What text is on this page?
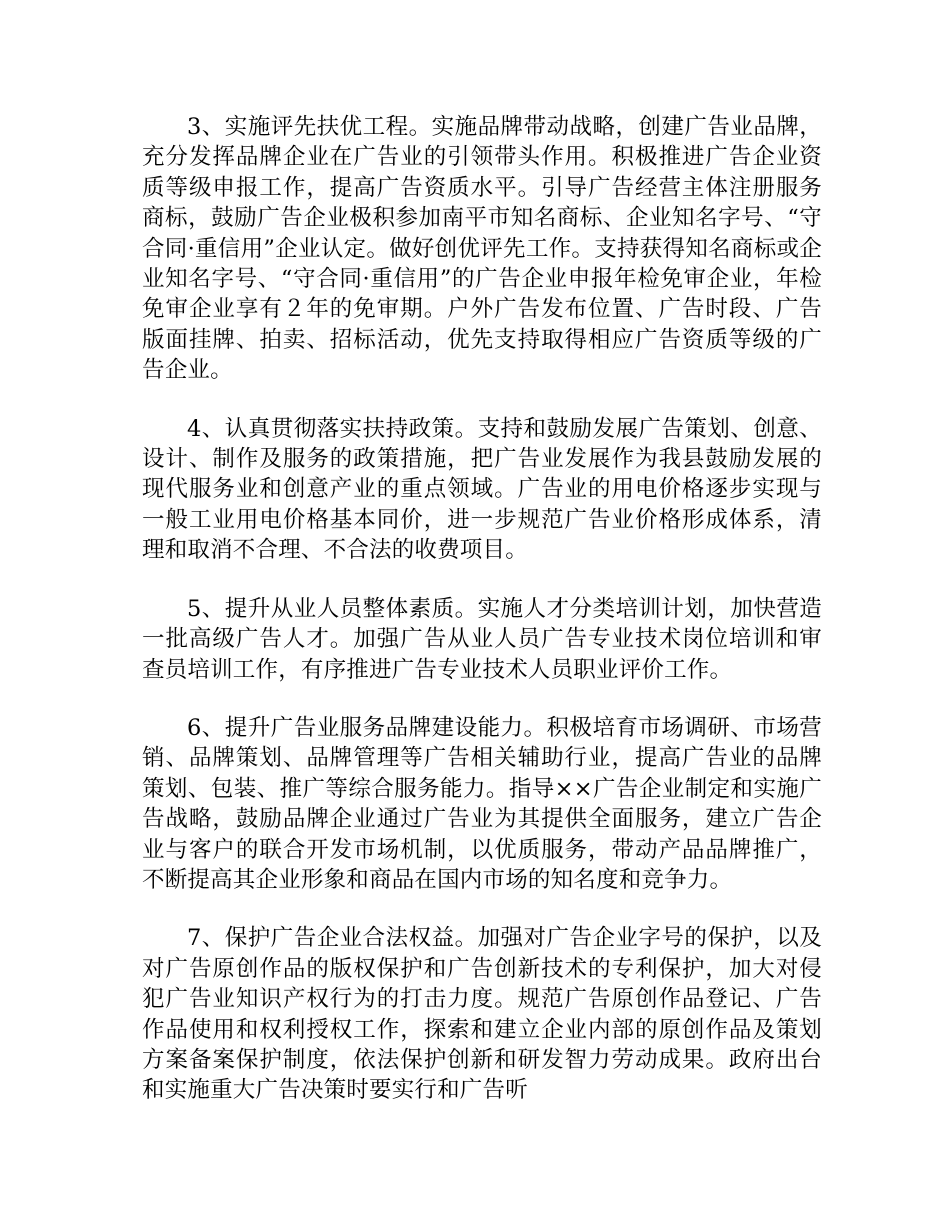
3、实施评先扶优工程。实施品牌带动战略，创建广告业品牌，充分发挥品牌企业在广告业的引领带头作用。积极推进广告企业资质等级申报工作，提高广告资质水平。引导广告经营主体注册服务商标，鼓励广告企业极积参加南平市知名商标、企业知名字号、“守合同·重信用”企业认定。做好创优评先工作。支持获得知名商标或企业知名字号、“守合同·重信用”的广告企业申报年检免审企业，年检免审企业享有２年的免审期。户外广告发布位置、广告时段、广告版面挂牌、拍卖、招标活动，优先支持取得相应广告资质等级的广告企业。

4、认真贯彻落实扶持政策。支持和鼓励发展广告策划、创意、设计、制作及服务的政策措施，把广告业发展作为我县鼓励发展的现代服务业和创意产业的重点领域。广告业的用电价格逐步实现与一般工业用电价格基本同价，进一步规范广告业价格形成体系，清理和取消不合理、不合法的收费项目。

5、提升从业人员整体素质。实施人才分类培训计划，加快营造一批高级广告人才。加强广告从业人员广告专业技术岗位培训和审查员培训工作，有序推进广告专业技术人员职业评价工作。

6、提升广告业服务品牌建设能力。积极培育市场调研、市场营销、品牌策划、品牌管理等广告相关辅助行业，提高广告业的品牌策划、包装、推广等综合服务能力。指导××广告企业制定和实施广告战略，鼓励品牌企业通过广告业为其提供全面服务，建立广告企业与客户的联合开发市场机制，以优质服务，带动产品品牌推广，不断提高其企业形象和商品在国内市场的知名度和竞争力。

7、保护广告企业合法权益。加强对广告企业字号的保护，以及对广告原创作品的版权保护和广告创新技术的专利保护，加大对侵犯广告业知识产权行为的打击力度。规范广告原创作品登记、广告作品使用和权利授权工作，探索和建立企业内部的原创作品及策划方案备案保护制度，依法保护创新和研发智力劳动成果。政府出台和实施重大广告决策时要实行和广告听
